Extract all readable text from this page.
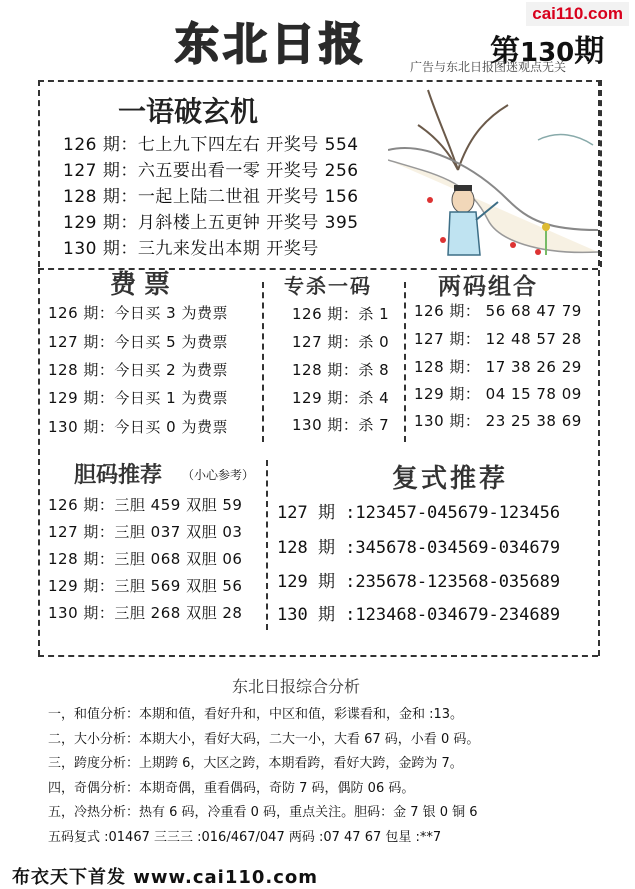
cai110.com
东北日报	第130期
广告与东北日报图迷观点无关
一语破玄机
126 期：七上九下四左右 开奖号 554
127 期：六五要出看一零 开奖号 256
128 期：一起上陆二世祖 开奖号 156
129 期：月斜楼上五更钟 开奖号 395
130 期：三九来发出本期 开奖号
费票
126 期：今日买 3 为费票
127 期：今日买 5 为费票
128 期：今日买 2 为费票
129 期：今日买 1 为费票
130 期：今日买 0 为费票
专杀一码
126 期：杀 1
127 期：杀 0
128 期：杀 8
129 期：杀 4
130 期：杀 7
两码组合
126 期： 56 68 47 79
127 期： 12 48 57 28
128 期： 17 38 26 29
129 期： 04 15 78 09
130 期： 23 25 38 69
胆码推荐 （小心参考）
126 期：三胆 459 双胆 59
127 期：三胆 037 双胆 03
128 期：三胆 068 双胆 06
129 期：三胆 569 双胆 56
130 期：三胆 268 双胆 28
复式推荐
127 期 :123457-045679-123456
128 期 :345678-034569-034679
129 期 :235678-123568-035689
130 期 :123468-034679-234689
东北日报综合分析
一，和值分析：本期和值，看好升和，中区和值，彩谍看和，金和 :13。
二，大小分析：本期大小，看好大码，二大一小，大看 67 码，小看 0 码。
三，跨度分析：上期跨 6，大区之跨，本期看跨，看好大跨，金跨为 7。
四，奇偶分析：本期奇偶，重看偶码，奇防 7 码，偶防 06 码。
五，冷热分析：热有 6 码，冷重看 0 码，重点关注。胆码：金 7 银 0 铜 6
五码复式 :01467 三三三 :016/467/047 两码 :07 47 67 包星 :**7
布衣天下首发 www.cai110.com
